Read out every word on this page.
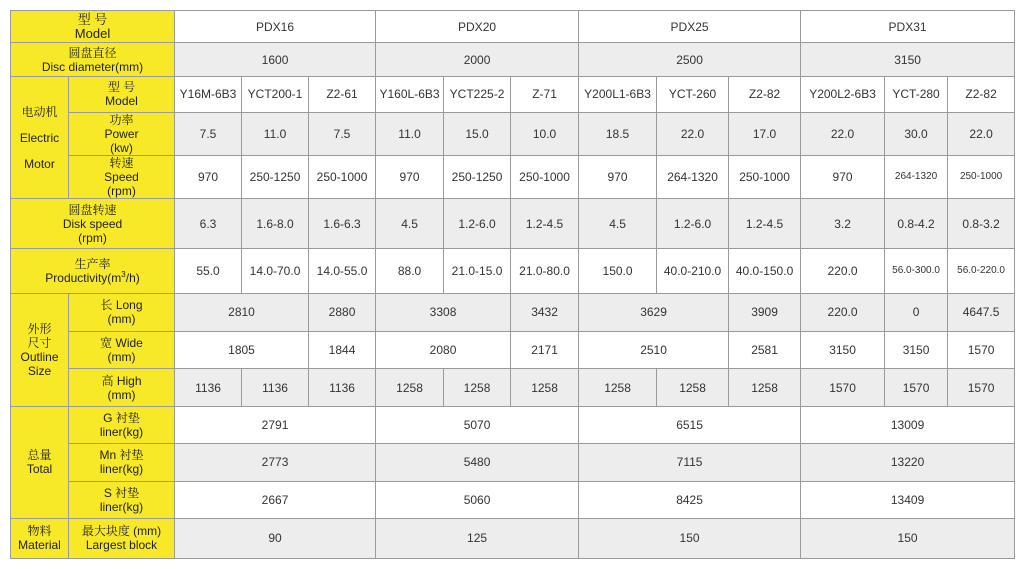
型 号
Model		PDX16			PDX20			PDX25			PDX31		

圆盘直径
Disc diameter(mm)		1600			2000			2500			3150		

电动机
Electric
Motor	型 号
Model	Y16M-6B3	YCT200-1	Z2-61	Y160L-6B3	YCT225-2	Z-71	Y200L1-6B3	YCT-260	Z2-82	Y200L2-6B3	YCT-280	Z2-82

	功率
Power
(kw)	7.5	11.0	7.5	11.0	15.0	10.0	18.5	22.0	17.0	22.0	30.0	22.0

	转速
Speed
(rpm)	970	250-1250	250-1000	970	250-1250	250-1000	970	264-1320	250-1000	970	264-1320	250-1000

圆盘转速
Disk speed
(rpm)		6.3	1.6-8.0	1.6-6.3	4.5	1.2-6.0	1.2-4.5	4.5	1.2-6.0	1.2-4.5	3.2	0.8-4.2	0.8-3.2

生产率
$Productivity(m^3/h)$		55.0	14.0-70.0	14.0-55.0	88.0	21.0-15.0	21.0-80.0	150.0	40.0-210.0	40.0-150.0	220.0	56.0-300.0	56.0-220.0

外形
尺寸
Outline
Size	长 Long
(mm)	2810		2880	3308		3432	3629		3909	220.0	0	4647.5

	宽 Wide
(mm)	1805		1844	2080		2171	2510		2581	3150	3150	1570

	高 High
(mm)	1136	1136	1136	1258	1258	1258	1258	1258	1258	1570	1570	1570

总量
Total	G 衬垫
liner(kg)	2791			5070			6515			13009		

	Mn 衬垫
liner(kg)	2773			5480			7115			13220		

	S 衬垫
liner(kg)	2667			5060			8425			13409		

物料
Material	最大块度 (mm)
Largest block	90			125			150			150		
